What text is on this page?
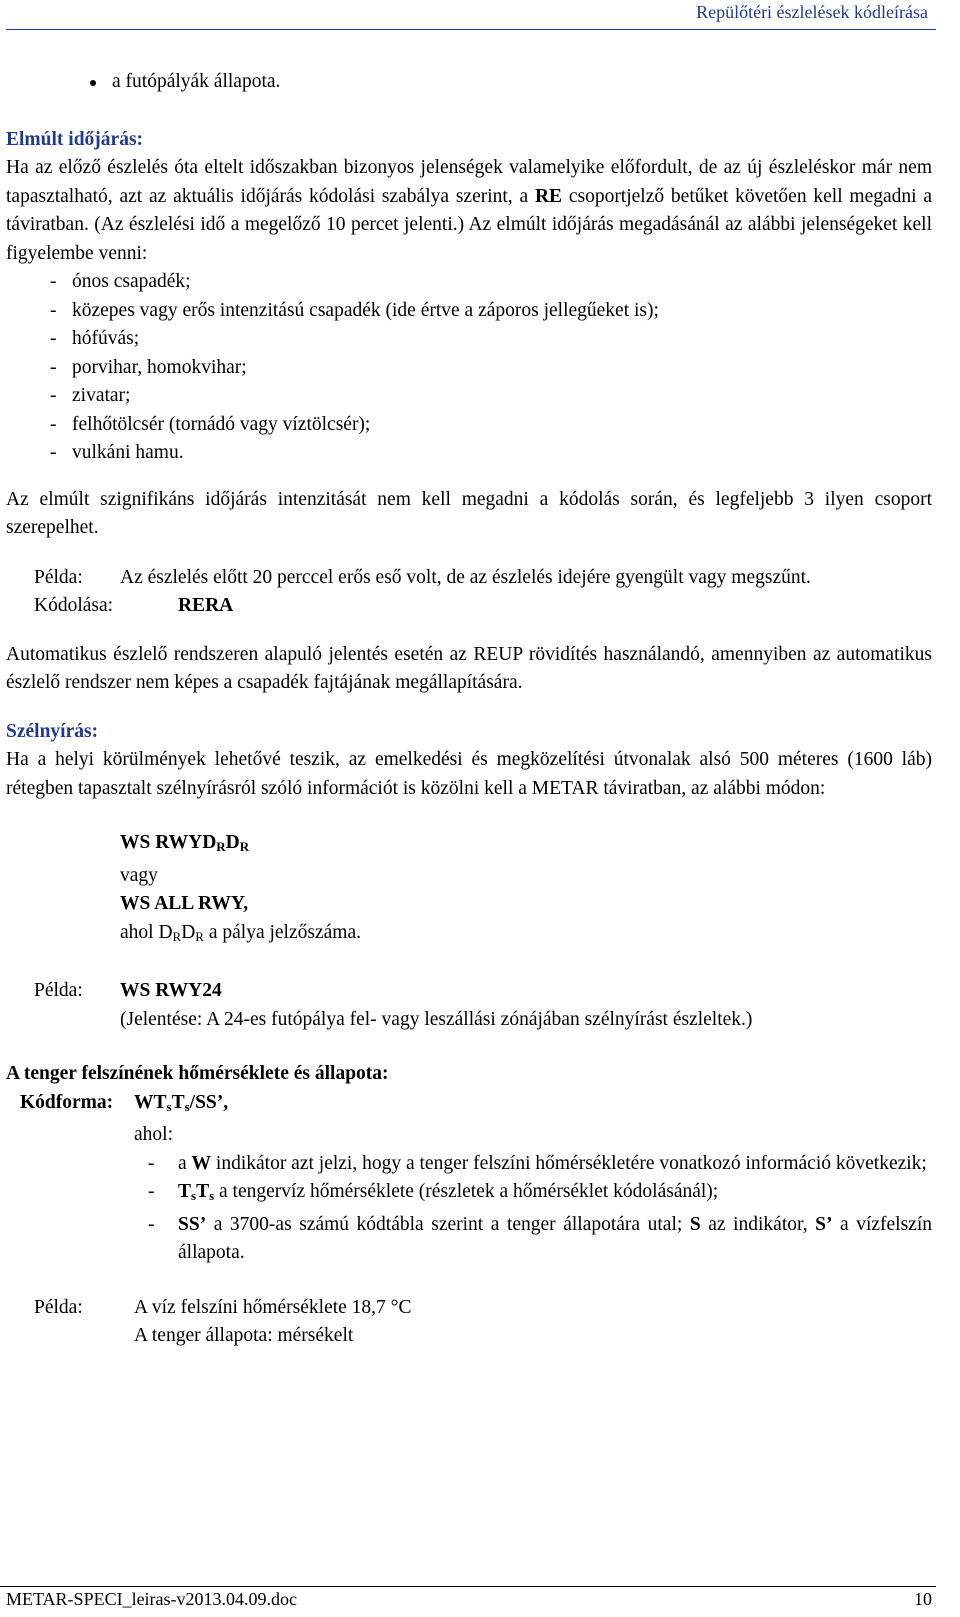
Repülőtéri észlelések kódleírása

a futópályák állapota.

Elmúlt időjárás:

Ha az előző észlelés óta eltelt időszakban bizonyos jelenségek valamelyike előfordult, de az új észleléskor már nem tapasztalható, azt az aktuális időjárás kódolási szabálya szerint, a RE csoportjelző betűket követően kell megadni a táviratban. (Az észlelési idő a megelőző 10 percet jelenti.) Az elmúlt időjárás megadásánál az alábbi jelenségeket kell figyelembe venni:

- ónos csapadék;
- közepes vagy erős intenzitású csapadék (ide értve a záporos jellegűeket is);
- hófúvás;
- porvihar, homokvihar;
- zivatar;
- felhőtölcsér (tornádó vagy víztölcsér);
- vulkáni hamu.

Az elmúlt szignifikáns időjárás intenzitását nem kell megadni a kódolás során, és legfeljebb 3 ilyen csoport szerepelhet.

Példa:	Az észlelés előtt 20 perccel erős eső volt, de az észlelés idejére gyengült vagy megszűnt.
Kódolása:	RERA

Automatikus észlelő rendszeren alapuló jelentés esetén az REUP rövidítés használandó, amennyiben az automatikus észlelő rendszer nem képes a csapadék fajtájának megállapítására.

Szélnyírás:

Ha a helyi körülmények lehetővé teszik, az emelkedési és megközelítési útvonalak alsó 500 méteres (1600 láb) rétegben tapasztalt szélnyírásról szóló információt is közölni kell a METAR táviratban, az alábbi módon:

WS $RWYD_RD_R$

vagy

WS ALL RWY,

ahol $D_RD_R$ a pálya jelzőszáma.

Példa:	WS RWY24

(Jelentése: A 24-es futópálya fel- vagy leszállási zónájában szélnyírást észleltek.)

A tenger felszínének hőmérséklete és állapota:

Kódforma: $WT_sT_s/SS$’,

ahol:

- a W indikátor azt jelzi, hogy a tenger felszíni hőmérsékletére vonatkozó információ következik;
- $T_sT_s$ a tengervíz hőmérséklete (részletek a hőmérséklet kódolásánál);
- SS’ a 3700-as számú kódtábla szerint a tenger állapotára utal; S az indikátor, S’ a vízfelszín állapota.
Példa:	A víz felszíni hőmérséklete 18,7 °C

A tenger állapota: mérsékelt

METAR-SPECI_leiras-v2013.04.09.doc	10
